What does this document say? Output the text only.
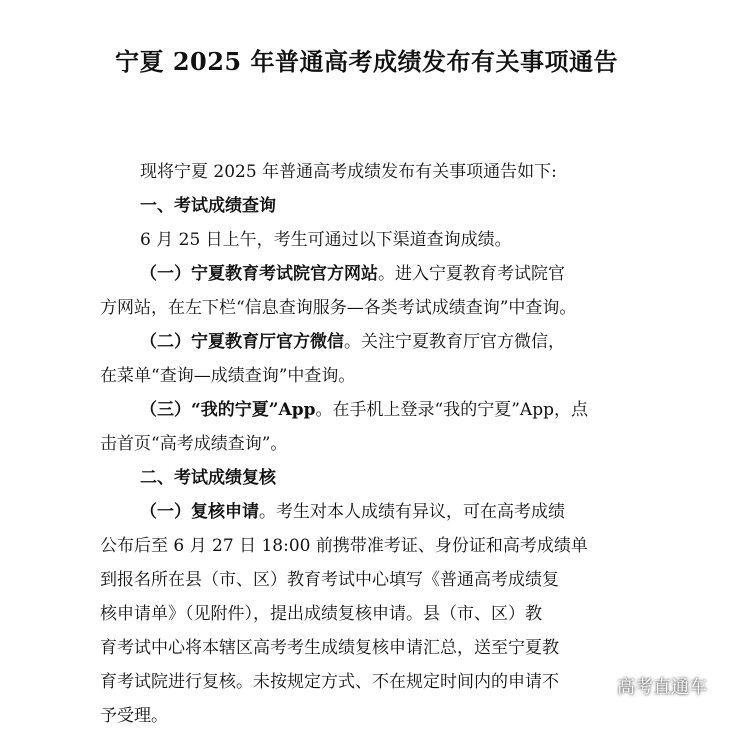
宁夏 2025 年普通高考成绩发布有关事项通告
现将宁夏 2025 年普通高考成绩发布有关事项通告如下:
一、考试成绩查询
6 月 25 日上午，考生可通过以下渠道查询成绩。
（一）宁夏教育考试院官方网站。进入宁夏教育考试院官
方网站，在左下栏“信息查询服务—各类考试成绩查询”中查询。
（二）宁夏教育厅官方微信。关注宁夏教育厅官方微信，
在菜单“查询—成绩查询”中查询。
（三）“我的宁夏”App。在手机上登录“我的宁夏”App，点
击首页“高考成绩查询”。
二、考试成绩复核
（一）复核申请。考生对本人成绩有异议，可在高考成绩
公布后至 6 月 27 日 18:00 前携带准考证、身份证和高考成绩单
到报名所在县（市、区）教育考试中心填写《普通高考成绩复
核申请单》（见附件），提出成绩复核申请。县（市、区）教
育考试中心将本辖区高考考生成绩复核申请汇总，送至宁夏教
育考试院进行复核。未按规定方式、不在规定时间内的申请不
予受理。
高考直通车
